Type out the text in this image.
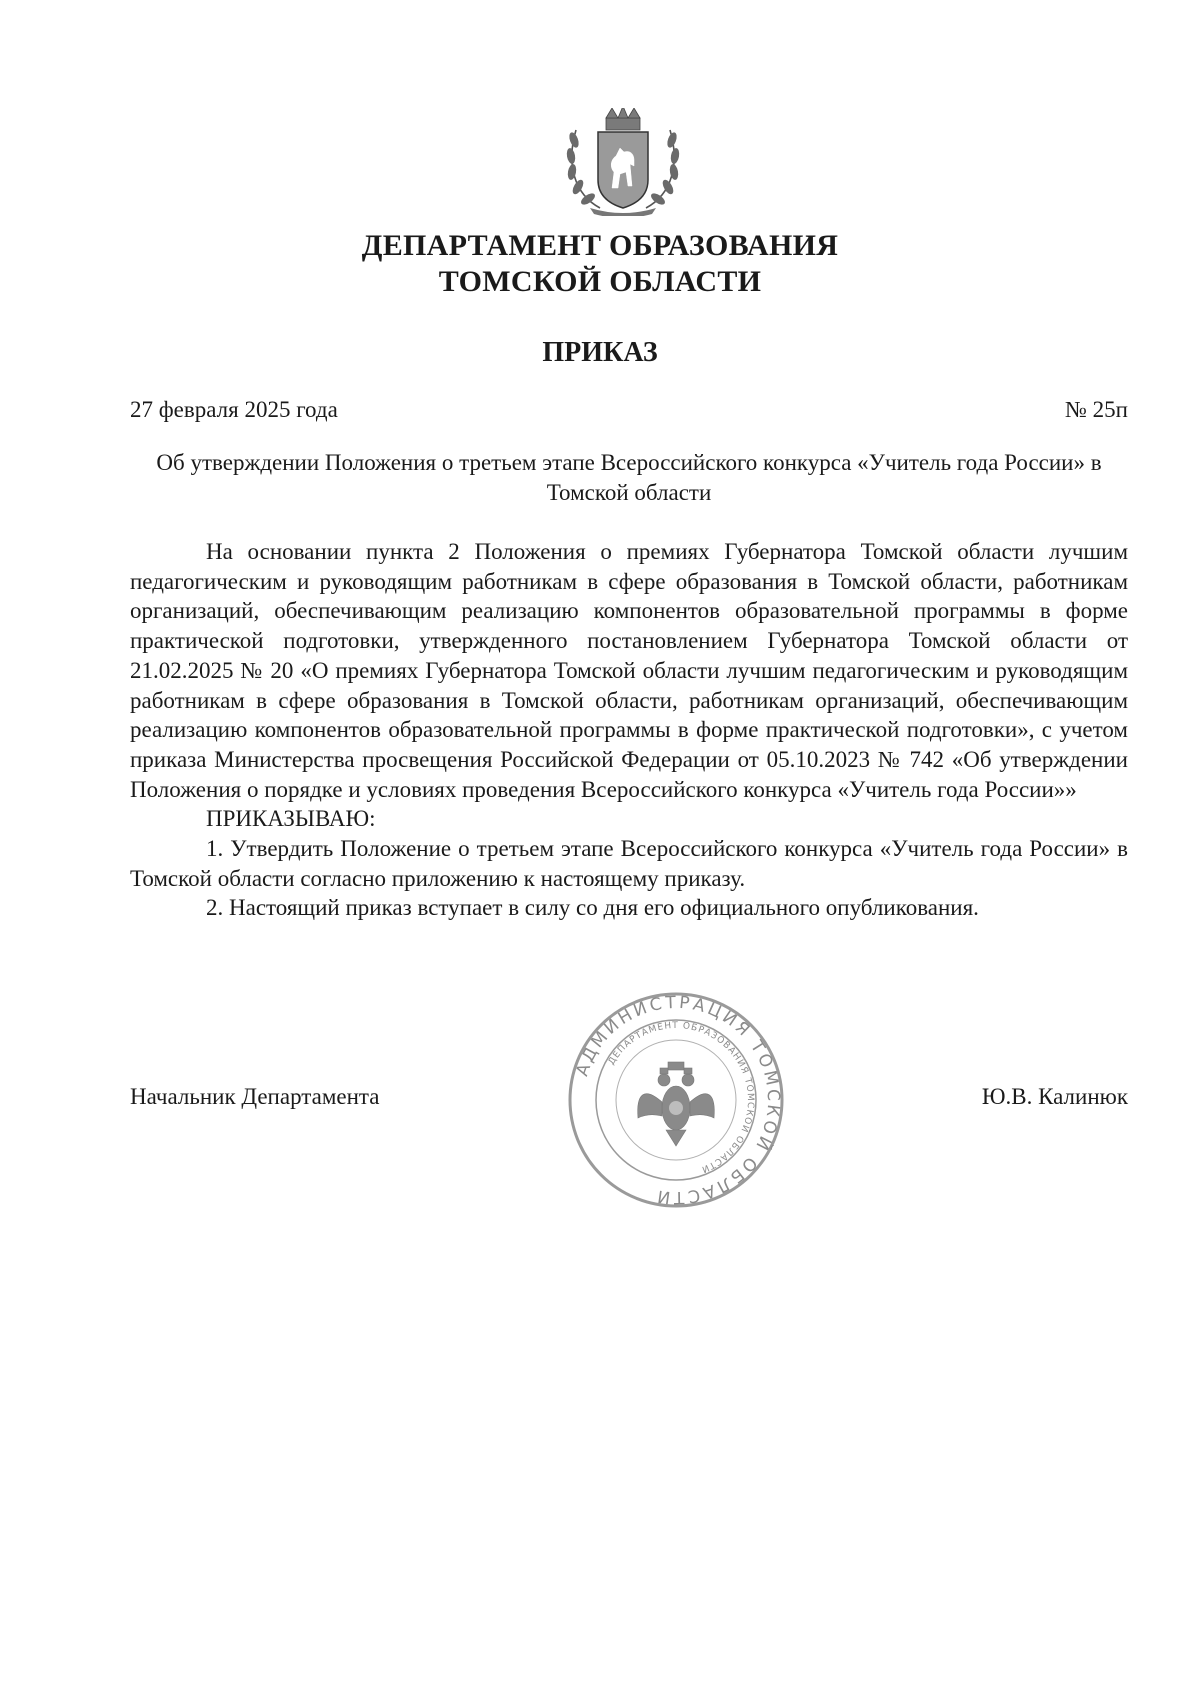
ДЕПАРТАМЕНТ ОБРАЗОВАНИЯ
ТОМСКОЙ ОБЛАСТИ
ПРИКАЗ
27 февраля 2025 года	№ 25п
Об утверждении Положения о третьем этапе Всероссийского конкурса «Учитель года России» в Томской области

На основании пункта 2 Положения о премиях Губернатора Томской области лучшим педагогическим и руководящим работникам в сфере образования в Томской области, работникам организаций, обеспечивающим реализацию компонентов образовательной программы в форме практической подготовки, утвержденного постановлением Губернатора Томской области от 21.02.2025 № 20 «О премиях Губернатора Томской области лучшим педагогическим и руководящим работникам в сфере образования в Томской области, работникам организаций, обеспечивающим реализацию компонентов образовательной программы в форме практической подготовки», с учетом приказа Министерства просвещения Российской Федерации от 05.10.2023 № 742 «Об утверждении Положения о порядке и условиях проведения Всероссийского конкурса «Учитель года России»»

ПРИКАЗЫВАЮ:

1. Утвердить Положение о третьем этапе Всероссийского конкурса «Учитель года России» в Томской области согласно приложению к настоящему приказу.

2. Настоящий приказ вступает в силу со дня его официального опубликования.

АДМИНИСТРАЦИЯ ТОМСКОЙ ОБЛАСТИ
ДЕПАРТАМЕНТ ОБРАЗОВАНИЯ ТОМСКОЙ ОБЛАСТИ
Начальник Департамента	Ю.В. Калинюк
